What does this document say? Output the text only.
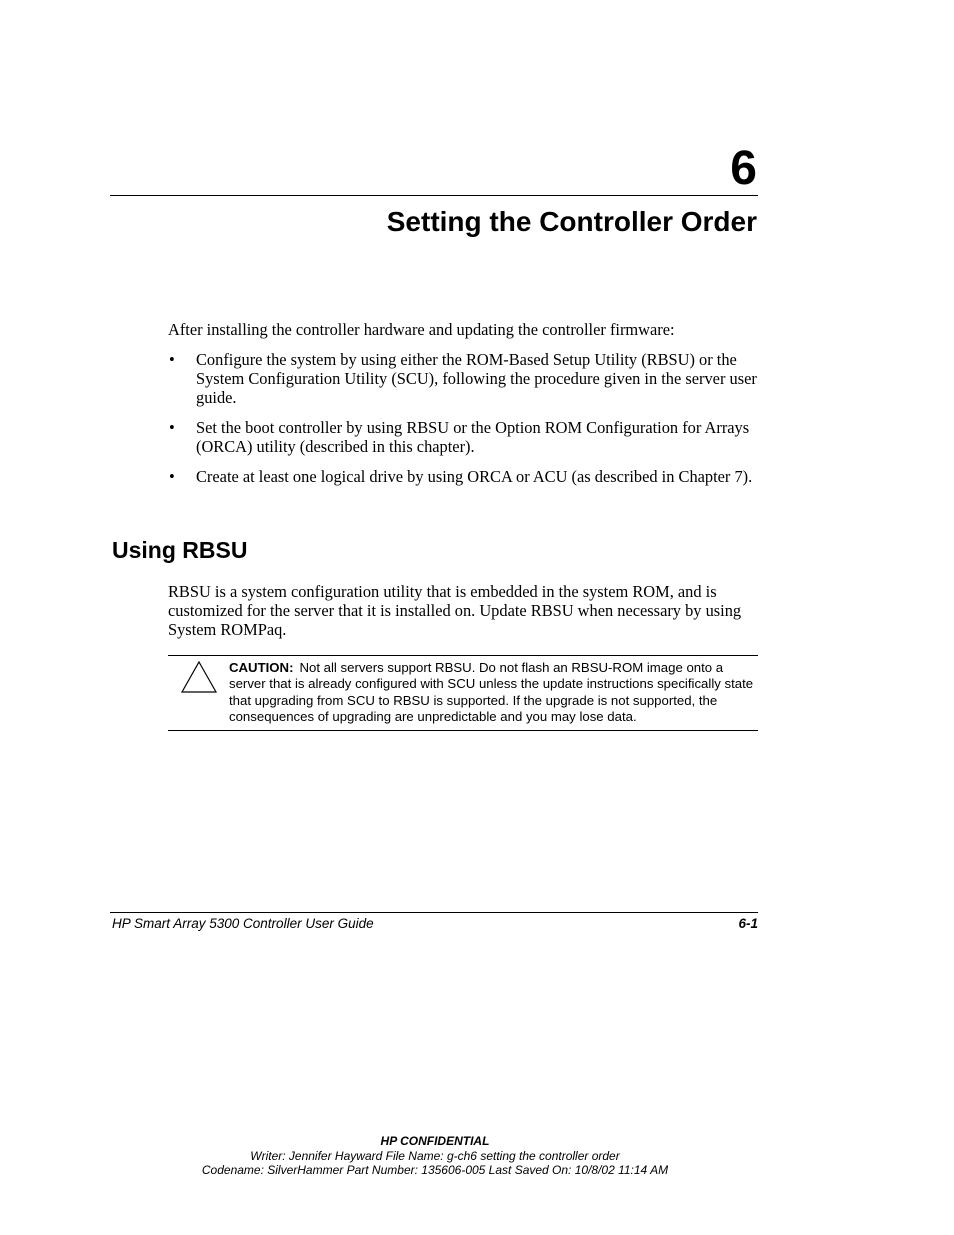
6
Setting the Controller Order
After installing the controller hardware and updating the controller firmware:
• Configure the system by using either the ROM-Based Setup Utility (RBSU) or the System Configuration Utility (SCU), following the procedure given in the server user guide.
• Set the boot controller by using RBSU or the Option ROM Configuration for Arrays (ORCA) utility (described in this chapter).
• Create at least one logical drive by using ORCA or ACU (as described in Chapter 7).
Using RBSU
RBSU is a system configuration utility that is embedded in the system ROM, and is customized for the server that it is installed on. Update RBSU when necessary by using System ROMPaq.
CAUTION: Not all servers support RBSU. Do not flash an RBSU-ROM image onto a server that is already configured with SCU unless the update instructions specifically state that upgrading from SCU to RBSU is supported. If the upgrade is not supported, the consequences of upgrading are unpredictable and you may lose data.
HP Smart Array 5300 Controller User Guide	6-1
HP CONFIDENTIAL
Writer: Jennifer Hayward File Name: g-ch6 setting the controller order
Codename: SilverHammer Part Number: 135606-005 Last Saved On: 10/8/02 11:14 AM
